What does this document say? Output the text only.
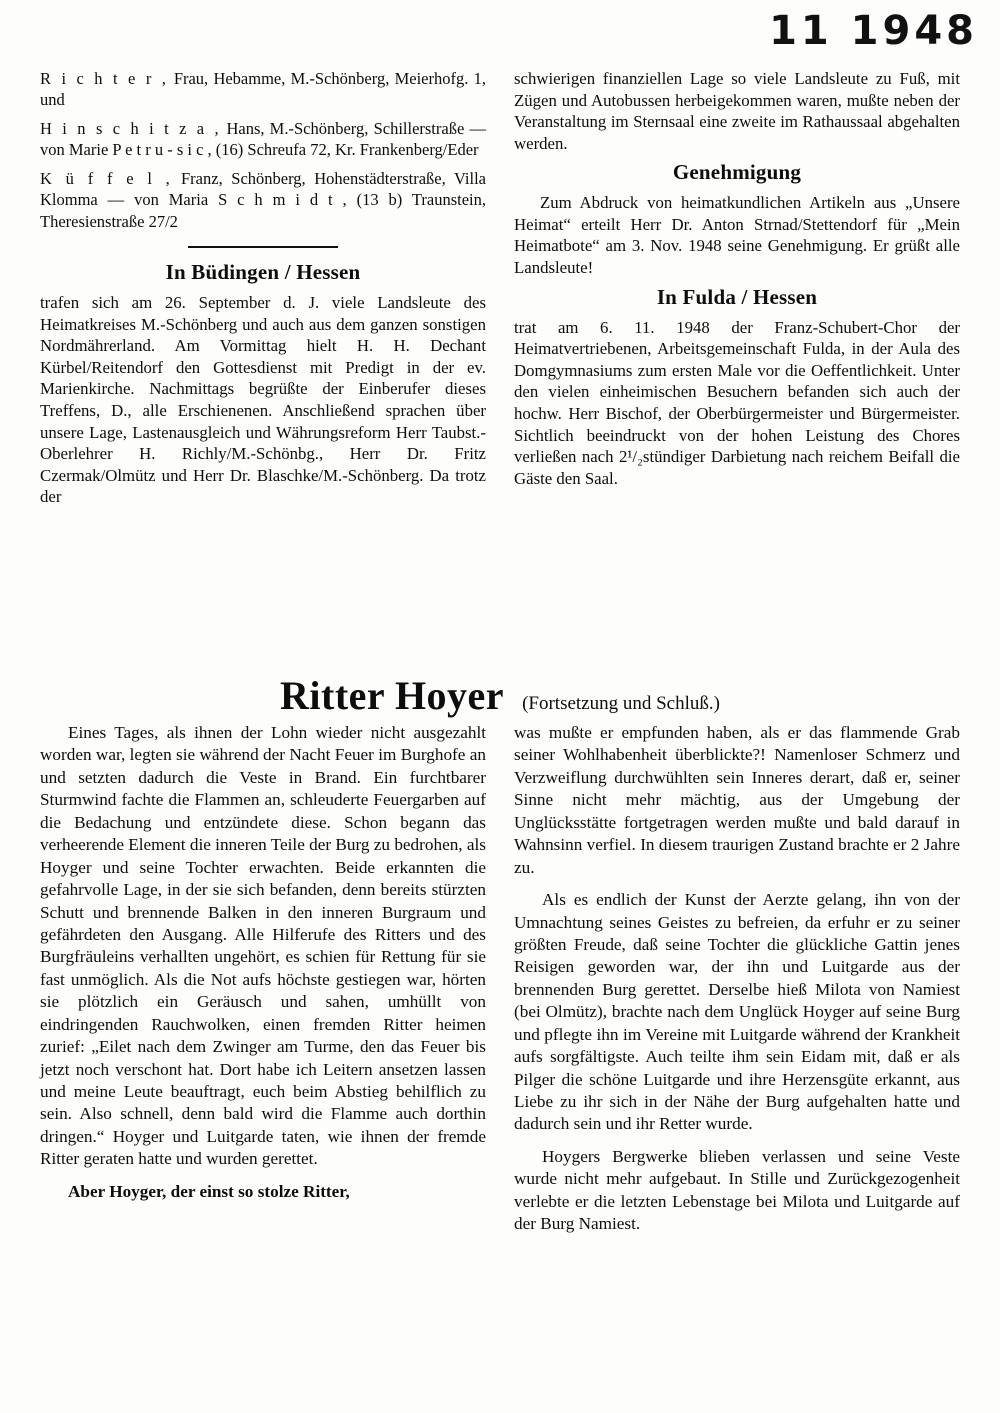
11 1948
R i c h t e r , Frau, Hebamme, M.-Schönberg, Meierhofg. 1, und
H i n s c h i t z a , Hans, M.-Schönberg, Schillerstraße — von Marie P e t r u - s i c , (16) Schreufa 72, Kr. Frankenberg/Eder
K ü f f e l , Franz, Schönberg, Hohenstädterstraße, Villa Klomma — von Maria S c h m i d t , (13 b) Traunstein, Theresienstraße 27/2
In Büdingen / Hessen

trafen sich am 26. September d. J. viele Landsleute des Heimatkreises M.-Schönberg und auch aus dem ganzen sonstigen Nordmährerland. Am Vormittag hielt H. H. Dechant Kürbel/Reitendorf den Gottesdienst mit Predigt in der ev. Marienkirche. Nachmittags begrüßte der Einberufer dieses Treffens, D., alle Erschienenen. Anschließend sprachen über unsere Lage, Lastenausgleich und Währungsreform Herr Taubst.-Oberlehrer H. Richly/M.-Schönbg., Herr Dr. Fritz Czermak/Olmütz und Herr Dr. Blaschke/M.-Schönberg. Da trotz der

schwierigen finanziellen Lage so viele Landsleute zu Fuß, mit Zügen und Autobussen herbeigekommen waren, mußte neben der Veranstaltung im Sternsaal eine zweite im Rathaussaal abgehalten werden.

Genehmigung

Zum Abdruck von heimatkundlichen Artikeln aus „Unsere Heimat“ erteilt Herr Dr. Anton Strnad/Stettendorf für „Mein Heimatbote“ am 3. Nov. 1948 seine Genehmigung. Er grüßt alle Landsleute!

In Fulda / Hessen

trat am 6. 11. 1948 der Franz-Schubert-Chor der Heimatvertriebenen, Arbeitsgemeinschaft Fulda, in der Aula des Domgymnasiums zum ersten Male vor die Oeffentlichkeit. Unter den vielen einheimischen Besuchern befanden sich auch der hochw. Herr Bischof, der Oberbürgermeister und Bürgermeister. Sichtlich beeindruckt von der hohen Leistung des Chores verließen nach 2¹/₂stündiger Darbietung nach reichem Beifall die Gäste den Saal.

Ritter Hoyer (Fortsetzung und Schluß.)

Eines Tages, als ihnen der Lohn wieder nicht ausgezahlt worden war, legten sie während der Nacht Feuer im Burghofe an und setzten dadurch die Veste in Brand. Ein furchtbarer Sturmwind fachte die Flammen an, schleuderte Feuergarben auf die Bedachung und entzündete diese. Schon begann das verheerende Element die inneren Teile der Burg zu bedrohen, als Hoyger und seine Tochter erwachten. Beide erkannten die gefahrvolle Lage, in der sie sich befanden, denn bereits stürzten Schutt und brennende Balken in den inneren Burgraum und gefährdeten den Ausgang. Alle Hilferufe des Ritters und des Burgfräuleins verhallten ungehört, es schien für Rettung für sie fast unmöglich. Als die Not aufs höchste gestiegen war, hörten sie plötzlich ein Geräusch und sahen, umhüllt von eindringenden Rauchwolken, einen fremden Ritter heimen zurief: „Eilet nach dem Zwinger am Turme, den das Feuer bis jetzt noch verschont hat. Dort habe ich Leitern ansetzen lassen und meine Leute beauftragt, euch beim Abstieg behilflich zu sein. Also schnell, denn bald wird die Flamme auch dorthin dringen.“ Hoyger und Luitgarde taten, wie ihnen der fremde Ritter geraten hatte und wurden gerettet.

Aber Hoyger, der einst so stolze Ritter,

was mußte er empfunden haben, als er das flammende Grab seiner Wohlhabenheit überblickte?! Namenloser Schmerz und Verzweiflung durchwühlten sein Inneres derart, daß er, seiner Sinne nicht mehr mächtig, aus der Umgebung der Unglücksstätte fortgetragen werden mußte und bald darauf in Wahnsinn verfiel. In diesem traurigen Zustand brachte er 2 Jahre zu.

Als es endlich der Kunst der Aerzte gelang, ihn von der Umnachtung seines Geistes zu befreien, da erfuhr er zu seiner größten Freude, daß seine Tochter die glückliche Gattin jenes Reisigen geworden war, der ihn und Luitgarde aus der brennenden Burg gerettet. Derselbe hieß Milota von Namiest (bei Olmütz), brachte nach dem Unglück Hoyger auf seine Burg und pflegte ihn im Vereine mit Luitgarde während der Krankheit aufs sorgfältigste. Auch teilte ihm sein Eidam mit, daß er als Pilger die schöne Luitgarde und ihre Herzensgüte erkannt, aus Liebe zu ihr sich in der Nähe der Burg aufgehalten hatte und dadurch sein und ihr Retter wurde.

Hoygers Bergwerke blieben verlassen und seine Veste wurde nicht mehr aufgebaut. In Stille und Zurückgezogenheit verlebte er die letzten Lebenstage bei Milota und Luitgarde auf der Burg Namiest.
